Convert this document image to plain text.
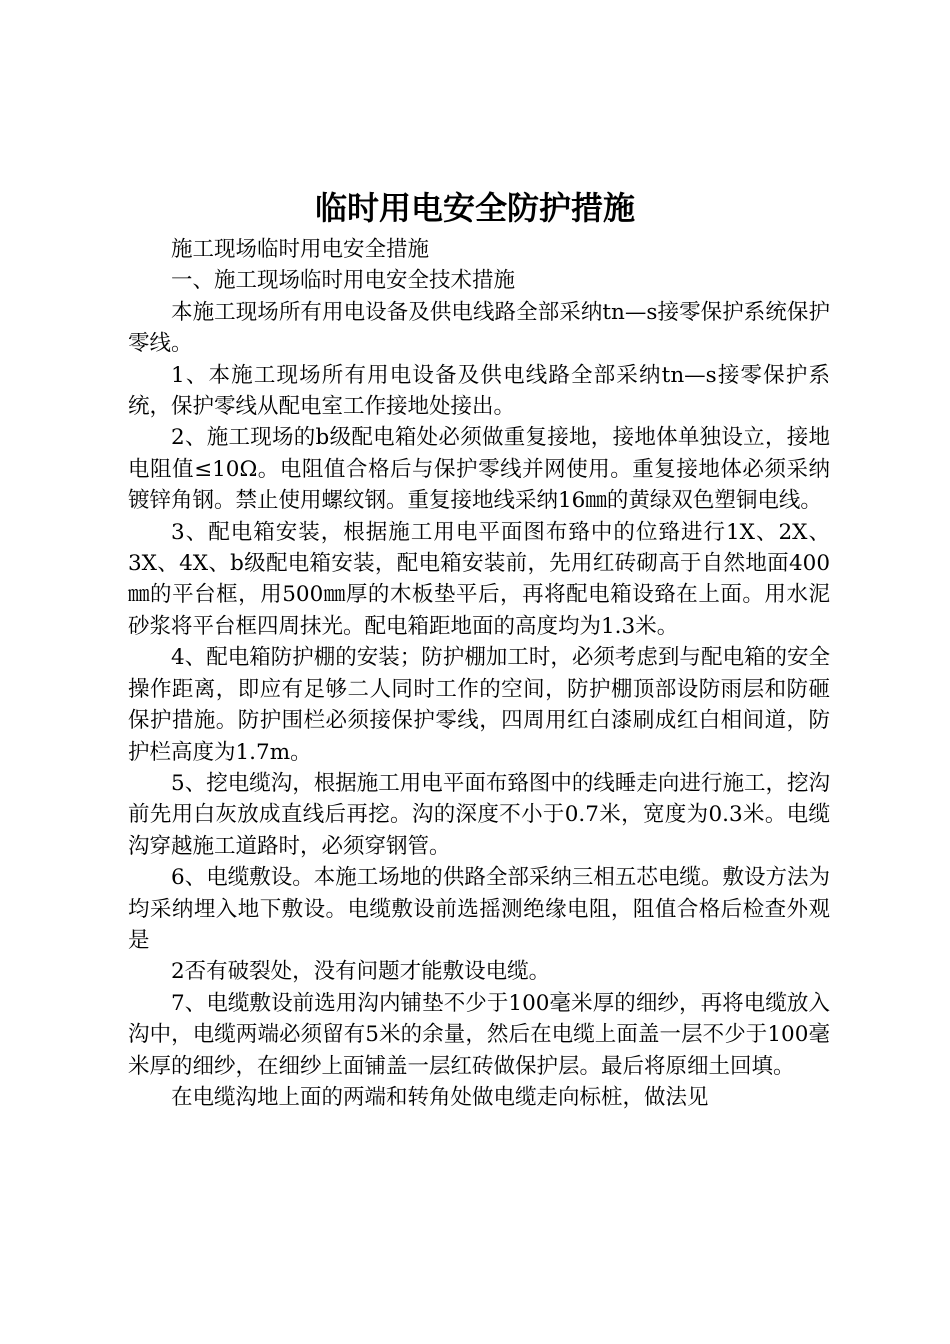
临时用电安全防护措施

施工现场临时用电安全措施

一、施工现场临时用电安全技术措施

本施工现场所有用电设备及供电线路全部采纳tn—s接零保护系统保护零线。

1、本施工现场所有用电设备及供电线路全部采纳tn—s接零保护系统，保护零线从配电室工作接地处接出。

2、施工现场的b级配电箱处必须做重复接地，接地体单独设立，接地电阻值≤10Ω。电阻值合格后与保护零线并网使用。重复接地体必须采纳镀锌角钢。禁止使用螺纹钢。重复接地线采纳16㎜的黄绿双色塑铜电线。

3、配电箱安装，根据施工用电平面图布臵中的位臵进行1X、2X、3X、4X、b级配电箱安装，配电箱安装前，先用红砖砌高于自然地面400㎜的平台框，用500㎜厚的木板垫平后，再将配电箱设臵在上面。用水泥砂浆将平台框四周抹光。配电箱距地面的高度均为1.3米。

4、配电箱防护棚的安装；防护棚加工时，必须考虑到与配电箱的安全操作距离，即应有足够二人同时工作的空间，防护棚顶部设防雨层和防砸保护措施。防护围栏必须接保护零线，四周用红白漆刷成红白相间道，防护栏高度为1.7m。

5、挖电缆沟，根据施工用电平面布臵图中的线睡走向进行施工，挖沟前先用白灰放成直线后再挖。沟的深度不小于0.7米，宽度为0.3米。电缆沟穿越施工道路时，必须穿钢管。

6、电缆敷设。本施工场地的供路全部采纳三相五芯电缆。敷设方法为均采纳埋入地下敷设。电缆敷设前选摇测绝缘电阻，阻值合格后检查外观是

2否有破裂处，没有问题才能敷设电缆。

7、电缆敷设前选用沟内铺垫不少于100毫米厚的细纱，再将电缆放入沟中，电缆两端必须留有5米的余量，然后在电缆上面盖一层不少于100毫米厚的细纱，在细纱上面铺盖一层红砖做保护层。最后将原细土回填。

在电缆沟地上面的两端和转角处做电缆走向标桩，做法见
